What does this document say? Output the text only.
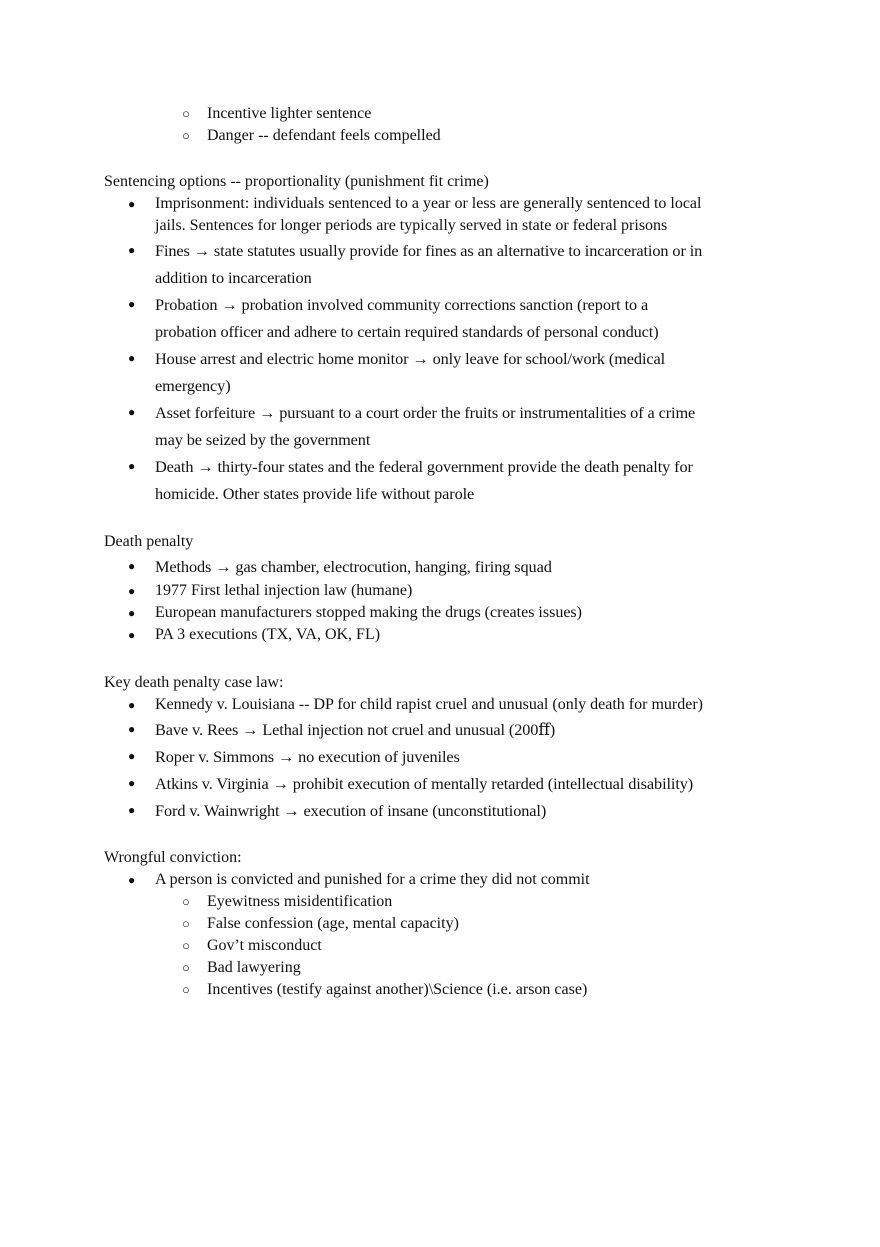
○ Incentive lighter sentence
○ Danger -- defendant feels compelled

Sentencing options -- proportionality (punishment fit crime)

● Imprisonment: individuals sentenced to a year or less are generally sentenced to local
jails. Sentences for longer periods are typically served in state or federal prisons
● Fines → state statutes usually provide for fines as an alternative to incarceration or in
addition to incarceration
● Probation → probation involved community corrections sanction (report to a
probation officer and adhere to certain required standards of personal conduct)
● House arrest and electric home monitor → only leave for school/work (medical
emergency)
● Asset forfeiture → pursuant to a court order the fruits or instrumentalities of a crime
may be seized by the government
● Death → thirty-four states and the federal government provide the death penalty for
homicide. Other states provide life without parole

Death penalty

● Methods → gas chamber, electrocution, hanging, firing squad
● 1977 First lethal injection law (humane)
● European manufacturers stopped making the drugs (creates issues)
● PA 3 executions (TX, VA, OK, FL)

Key death penalty case law:

● Kennedy v. Louisiana -- DP for child rapist cruel and unusual (only death for murder)
● Bave v. Rees → Lethal injection not cruel and unusual (200ﬀ)
● Roper v. Simmons → no execution of juveniles
● Atkins v. Virginia → prohibit execution of mentally retarded (intellectual disability)
● Ford v. Wainwright → execution of insane (unconstitutional)

Wrongful conviction:

● A person is convicted and punished for a crime they did not commit
○ Eyewitness misidentification
○ False confession (age, mental capacity)
○ Gov’t misconduct
○ Bad lawyering
○ Incentives (testify against another)\Science (i.e. arson case)
